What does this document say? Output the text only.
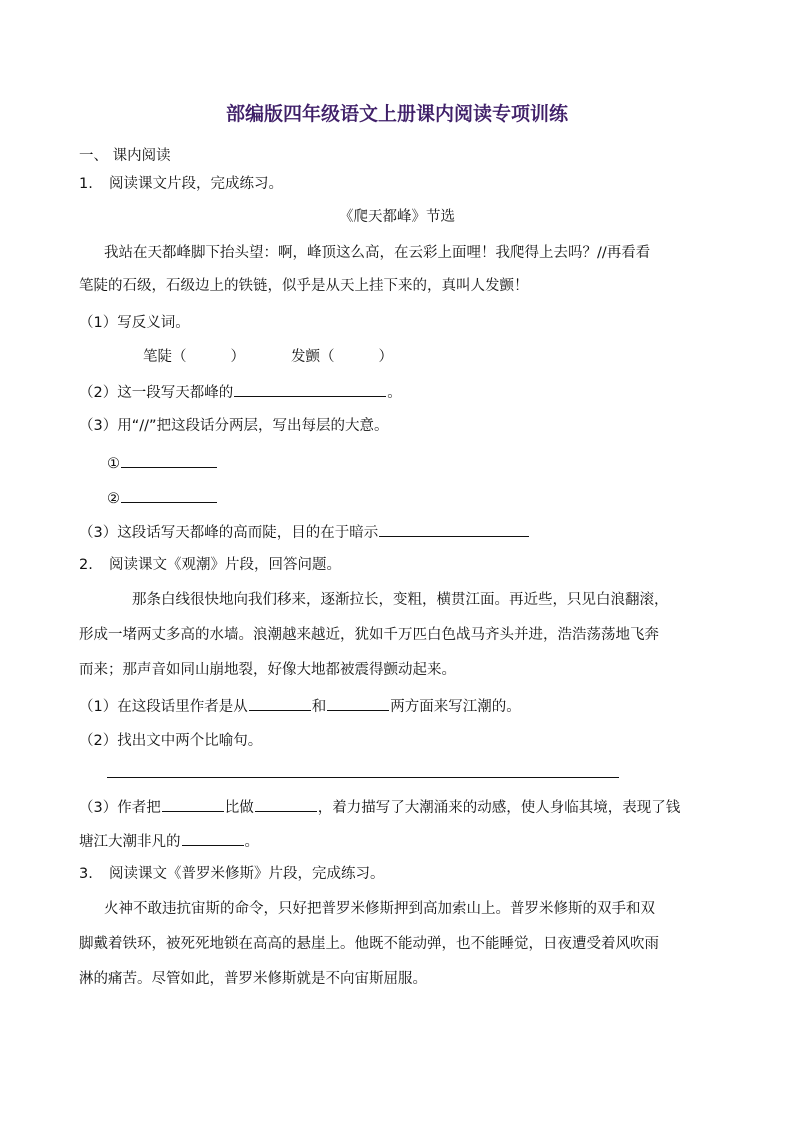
部编版四年级语文上册课内阅读专项训练
一、 课内阅读
1. 阅读课文片段，完成练习。
《爬天都峰》节选
我站在天都峰脚下抬头望：啊，峰顶这么高，在云彩上面哩！我爬得上去吗？//再看看
笔陡的石级，石级边上的铁链，似乎是从天上挂下来的，真叫人发颤！
（1）写反义词。
笔陡（	）	发颤（	）
（2）这一段写天都峰的	。
（3）用“//”把这段话分两层，写出每层的大意。
①
②
（3）这段话写天都峰的高而陡，目的在于暗示
2. 阅读课文《观潮》片段，回答问题。
那条白线很快地向我们移来，逐渐拉长，变粗，横贯江面。再近些，只见白浪翻滚，
形成一堵两丈多高的水墙。浪潮越来越近，犹如千万匹白色战马齐头并进，浩浩荡荡地飞奔
而来；那声音如同山崩地裂，好像大地都被震得颤动起来。
（1）在这段话里作者是从	和	两方面来写江潮的。
（2）找出文中两个比喻句。
（3）作者把	比做	，着力描写了大潮涌来的动感，使人身临其境，表现了钱
塘江大潮非凡的	。
3. 阅读课文《普罗米修斯》片段，完成练习。
火神不敢违抗宙斯的命令，只好把普罗米修斯押到高加索山上。普罗米修斯的双手和双
脚戴着铁环，被死死地锁在高高的悬崖上。他既不能动弹，也不能睡觉，日夜遭受着风吹雨
淋的痛苦。尽管如此，普罗米修斯就是不向宙斯屈服。
